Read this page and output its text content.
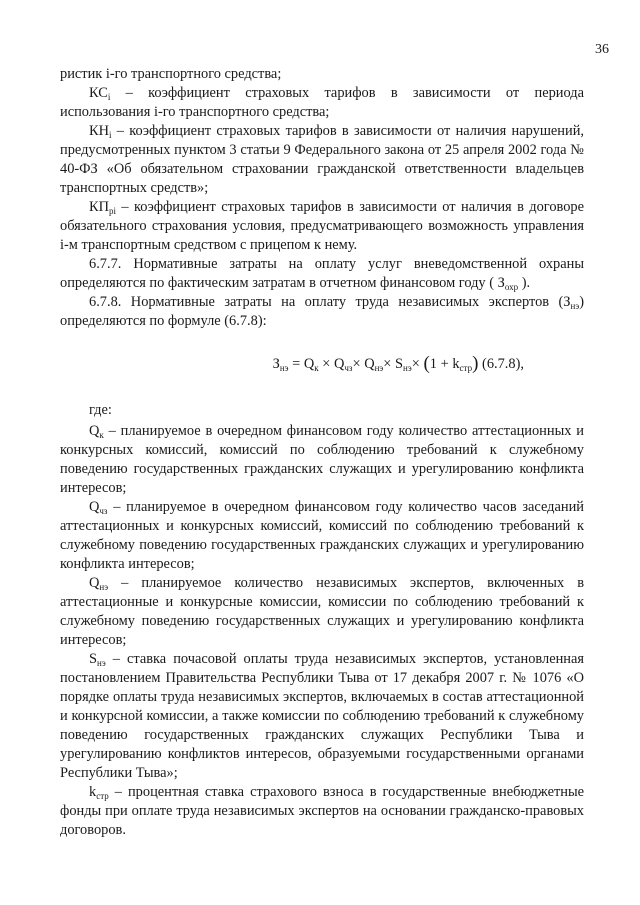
36

ристик i-го транспортного средства;

$КС_i$ – коэффициент страховых тарифов в зависимости от периода использования i-го транспортного средства;

$КН_i$ – коэффициент страховых тарифов в зависимости от наличия нарушений, предусмотренных пунктом 3 статьи 9 Федерального закона от 25 апреля 2002 года № 40-ФЗ «Об обязательном страховании гражданской ответственности владельцев транспортных средств»;

$КП_{рi}$ – коэффициент страховых тарифов в зависимости от наличия в договоре обязательного страхования условия, предусматривающего возможность управления i-м транспортным средством с прицепом к нему.

6.7.7. Нормативные затраты на оплату услуг вневедомственной охраны определяются по фактическим затратам в отчетном финансовом году ( $З_{охр}$ ).

6.7.8. Нормативные затраты на оплату труда независимых экспертов $(З_{нэ})$ определяются по формуле (6.7.8):

$З_{нэ} = Q_к \times Q_{чз}\times Q_{нэ}\times S_{нэ}\times (1 + k_{стр})$ (6.7.8),

где:

$Q_к$ – планируемое в очередном финансовом году количество аттестационных и конкурсных комиссий, комиссий по соблюдению требований к служебному поведению государственных гражданских служащих и урегулированию конфликта интересов;

$Q_{чз}$ – планируемое в очередном финансовом году количество часов заседаний аттестационных и конкурсных комиссий, комиссий по соблюдению требований к служебному поведению государственных гражданских служащих и урегулированию конфликта интересов;

$Q_{нэ}$ – планируемое количество независимых экспертов, включенных в аттестационные и конкурсные комиссии, комиссии по соблюдению требований к служебному поведению государственных служащих и урегулированию конфликта интересов;

$S_{нэ}$ – ставка почасовой оплаты труда независимых экспертов, установленная постановлением Правительства Республики Тыва от 17 декабря 2007 г. № 1076 «О порядке оплаты труда независимых экспертов, включаемых в состав аттестационной и конкурсной комиссии, а также комиссии по соблюдению требований к служебному поведению государственных гражданских служащих Республики Тыва и урегулированию конфликтов интересов, образуемыми государственными органами Республики Тыва»;

$k_{стр}$ – процентная ставка страхового взноса в государственные внебюджетные фонды при оплате труда независимых экспертов на основании гражданско-правовых договоров.
